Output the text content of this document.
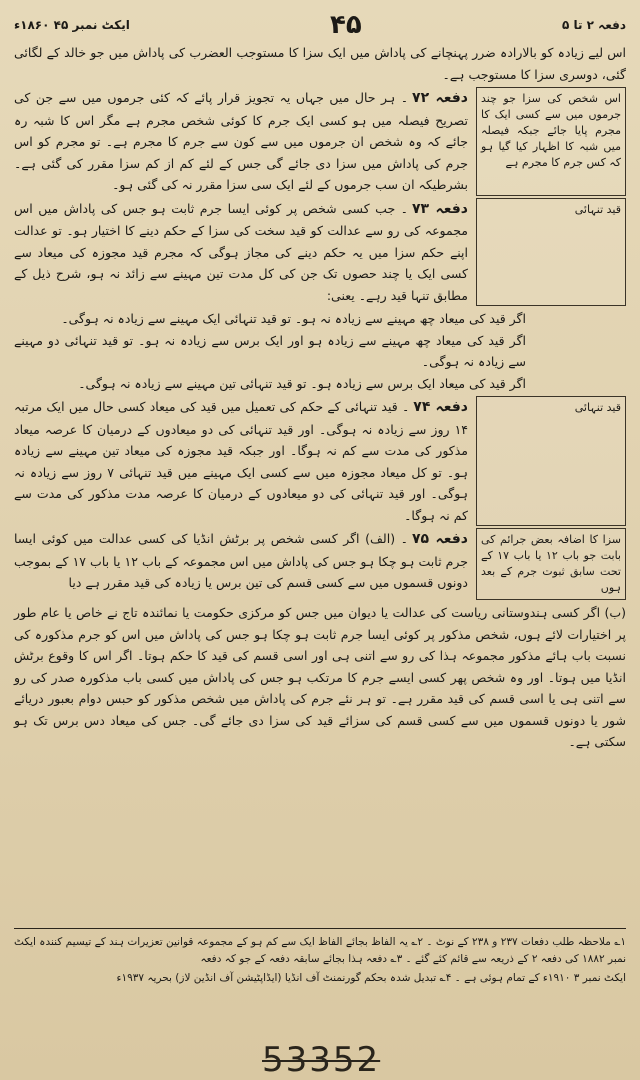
دفعہ ۲ تا ۵
۴۵
ایکٹ نمبر ۴۵ ۱۸۶۰ء

اس لیے زیادہ کو بالارادہ ضرر پہنچانے کی پاداش میں ایک سزا کا مستوجب العضرب کی پاداش میں جو خالد کے لگائی گئی، دوسری سزا کا مستوجب ہے۔

اس شخص کی سزا جو چند جرموں میں سے کسی ایک کا مجرم پایا جائے جبکہ فیصلہ میں شبہ کا اظہار کیا گیا ہو کہ کس جرم کا مجرم ہے
دفعہ ۷۲۔ ہر حال میں جہاں یہ تجویز قرار پائے کہ کئی جرموں میں سے جن کی تصریح فیصلہ میں ہو کسی ایک جرم کا کوئی شخص مجرم ہے مگر اس کا شبہ رہ جائے کہ وہ شخص ان جرموں میں سے کون سے جرم کا مجرم ہے۔ تو مجرم کو اس جرم کی پاداش میں سزا دی جائے گی جس کے لئے کم از کم سزا مقرر کی گئی ہے۔ بشرطیکہ ان سب جرموں کے لئے ایک سی سزا مقرر نہ کی گئی ہو۔
قید تنہائی
دفعہ ۷۳۔ جب کسی شخص پر کوئی ایسا جرم ثابت ہو جس کی پاداش میں اس مجموعہ کی رو سے عدالت کو قید سخت کی سزا کے حکم دینے کا اختیار ہو۔ تو عدالت اپنے حکم سزا میں یہ حکم دینے کی مجاز ہوگی کہ مجرم قید مجوزہ کی میعاد سے کسی ایک یا چند حصوں تک جن کی کل مدت تین مہینے سے زائد نہ ہو، شرح ذیل کے مطابق تنہا قید رہے۔ یعنی:

اگر قید کی میعاد چھ مہینے سے زیادہ نہ ہو۔ تو قید تنہائی ایک مہینے سے زیادہ نہ ہوگی۔

اگر قید کی میعاد چھ مہینے سے زیادہ ہو اور ایک برس سے زیادہ نہ ہو۔ تو قید تنہائی دو مہینے سے زیادہ نہ ہوگی۔

اگر قید کی میعاد ایک برس سے زیادہ ہو۔ تو قید تنہائی تین مہینے سے زیادہ نہ ہوگی۔

قید تنہائی
دفعہ ۷۴۔ قید تنہائی کے حکم کی تعمیل میں قید کی میعاد کسی حال میں ایک مرتبہ ۱۴ روز سے زیادہ نہ ہوگی۔ اور قید تنہائی کی دو میعادوں کے درمیان کا عرصہ میعاد مذکور کی مدت سے کم نہ ہوگا۔ اور جبکہ قید مجوزہ کی میعاد تین مہینے سے زیادہ ہو۔ تو کل میعاد مجوزہ میں سے کسی ایک مہینے میں قید تنہائی ۷ روز سے زیادہ نہ ہوگی۔ اور قید تنہائی کی دو میعادوں کے درمیان کا عرصہ مدت مذکور کی مدت سے کم نہ ہوگا۔
سزا کا اضافہ بعض جرائم کی بابت جو باب ۱۲ یا باب ۱۷ کے تحت سابق ثبوت جرم کے بعد ہوں
دفعہ ۷۵۔ (الف) اگر کسی شخص پر برٹش انڈیا کی کسی عدالت میں کوئی ایسا جرم ثابت ہو چکا ہو جس کی پاداش میں اس مجموعہ کے باب ۱۲ یا باب ۱۷ کے بموجب دونوں قسموں میں سے کسی قسم کی تین برس یا زیادہ کی قید مقرر ہے دیا

(ب) اگر کسی ہندوستانی ریاست کی عدالت یا دیوان میں جس کو مرکزی حکومت یا نمائندہ تاج نے خاص یا عام طور پر اختیارات لائے ہوں، شخص مذکور پر کوئی ایسا جرم ثابت ہو چکا ہو جس کی پاداش میں اس کو جرم مذکورہ کی نسبت باب ہائے مذکور مجموعہ ہذا کی رو سے اتنی ہی اور اسی قسم کی قید کا حکم ہوتا۔ اگر اس کا وقوع برٹش انڈیا میں ہوتا۔ اور وہ شخص پھر کسی ایسے جرم کا مرتکب ہو جس کی پاداش میں کسی باب مذکورہ صدر کی رو سے اتنی ہی یا اسی قسم کی قید مقرر ہے۔ تو ہر نئے جرم کی پاداش میں شخص مذکور کو حبس دوام بعبور دریائے شور یا دونوں قسموں میں سے کسی قسم کی سزائے قید کی سزا دی جائے گی۔ جس کی میعاد دس برس تک ہو سکتی ہے۔

۱؎ ملاحظہ طلب دفعات ۲۳۷ و ۲۳۸ کے نوٹ ۔ ۲؎ یہ الفاظ بجائے الفاظ ایک سے کم ہو کے مجموعہ قوانین تعزیرات ہند کے تیسیم کنندہ ایکٹ نمبر ۱۸۸۲ کی دفعہ ۲ کے ذریعہ سے قائم کئے گئے ۔ ۳؎ دفعہ ہذا بجائے سابقہ دفعہ کے جو کہ دفعہ

ایکٹ نمبر ۳ ۱۹۱۰ء کے تمام ہوئی ہے ۔ ۴؎ تبدیل شدہ بحکم گورنمنٹ آف انڈیا (ایڈاپٹیشن آف انڈین لاز) بحریہ ۱۹۳۷ء

53352
